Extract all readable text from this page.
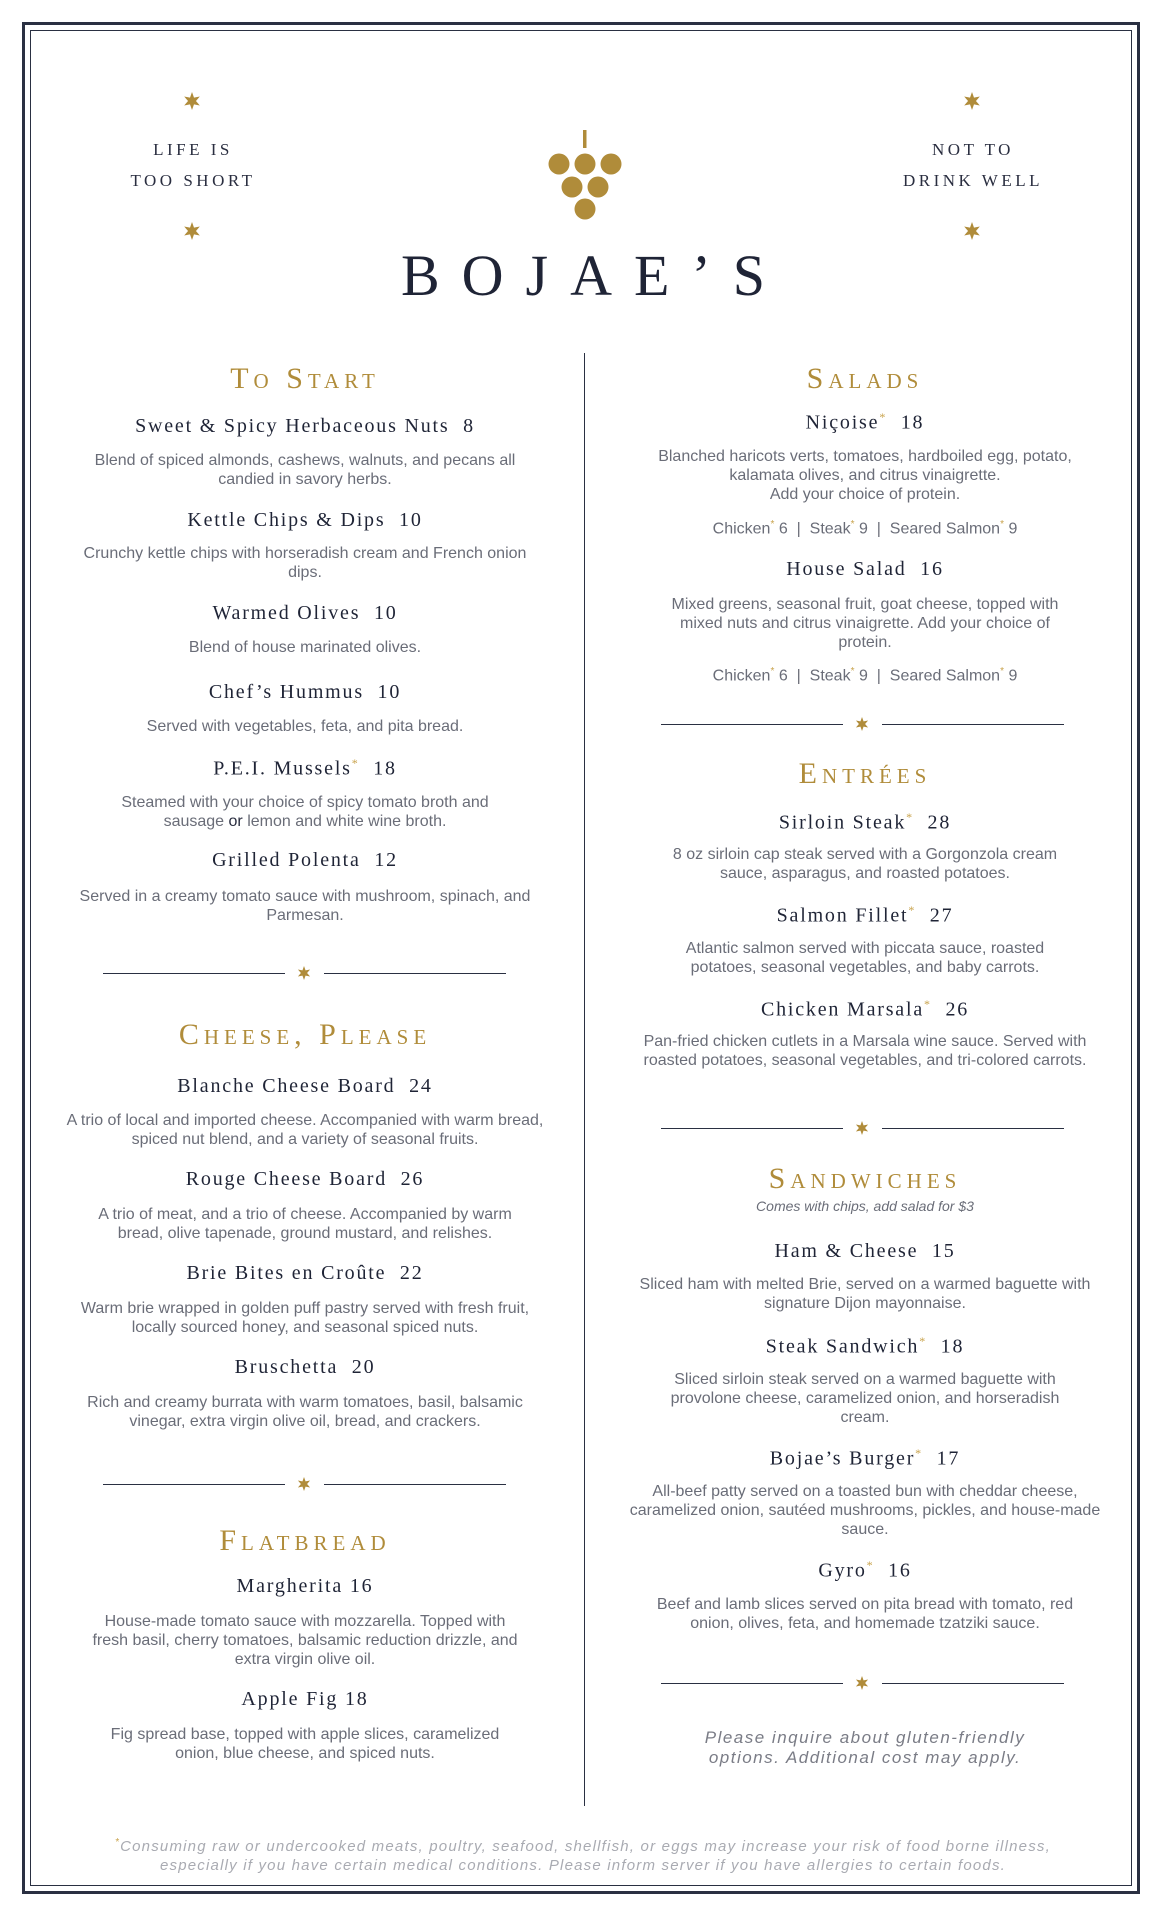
LIFE IS
TOO SHORT
NOT TO
DRINK WELL
BOJAE’S
To Start
Sweet & Spicy Herbaceous Nuts 8
Blend of spiced almonds, cashews, walnuts, and pecans all candied in savory herbs.
Kettle Chips & Dips 10
Crunchy kettle chips with horseradish cream and French onion dips.
Warmed Olives 10
Blend of house marinated olives.
Chef’s Hummus 10
Served with vegetables, feta, and pita bread.
P.E.I. Mussels* 18
Steamed with your choice of spicy tomato broth and sausage or lemon and white wine broth.
Grilled Polenta 12
Served in a creamy tomato sauce with mushroom, spinach, and Parmesan.
Cheese, Please
Blanche Cheese Board 24
A trio of local and imported cheese. Accompanied with warm bread, spiced nut blend, and a variety of seasonal fruits.
Rouge Cheese Board 26
A trio of meat, and a trio of cheese. Accompanied by warm bread, olive tapenade, ground mustard, and relishes.
Brie Bites en Croûte 22
Warm brie wrapped in golden puff pastry served with fresh fruit, locally sourced honey, and seasonal spiced nuts.
Bruschetta 20
Rich and creamy burrata with warm tomatoes, basil, balsamic vinegar, extra virgin olive oil, bread, and crackers.
Flatbread
Margherita 16
House-made tomato sauce with mozzarella. Topped with fresh basil, cherry tomatoes, balsamic reduction drizzle, and extra virgin olive oil.
Apple Fig 18
Fig spread base, topped with apple slices, caramelized onion, blue cheese, and spiced nuts.
Salads
Niçoise* 18
Blanched haricots verts, tomatoes, hardboiled egg, potato, kalamata olives, and citrus vinaigrette.
Add your choice of protein.
Chicken* 6 | Steak* 9 | Seared Salmon* 9
House Salad 16
Mixed greens, seasonal fruit, goat cheese, topped with mixed nuts and citrus vinaigrette. Add your choice of protein.
Chicken* 6 | Steak* 9 | Seared Salmon* 9
Entrées
Sirloin Steak* 28
8 oz sirloin cap steak served with a Gorgonzola cream sauce, asparagus, and roasted potatoes.
Salmon Fillet* 27
Atlantic salmon served with piccata sauce, roasted potatoes, seasonal vegetables, and baby carrots.
Chicken Marsala* 26
Pan-fried chicken cutlets in a Marsala wine sauce. Served with roasted potatoes, seasonal vegetables, and tri-colored carrots.
Sandwiches
Comes with chips, add salad for $3
Ham & Cheese 15
Sliced ham with melted Brie, served on a warmed baguette with signature Dijon mayonnaise.
Steak Sandwich* 18
Sliced sirloin steak served on a warmed baguette with provolone cheese, caramelized onion, and horseradish cream.
Bojae’s Burger* 17
All-beef patty served on a toasted bun with cheddar cheese, caramelized onion, sautéed mushrooms, pickles, and house-made sauce.
Gyro* 16
Beef and lamb slices served on pita bread with tomato, red onion, olives, feta, and homemade tzatziki sauce.
Please inquire about gluten-friendly
options. Additional cost may apply.
*Consuming raw or undercooked meats, poultry, seafood, shellfish, or eggs may increase your risk of food borne illness,
especially if you have certain medical conditions. Please inform server if you have allergies to certain foods.
